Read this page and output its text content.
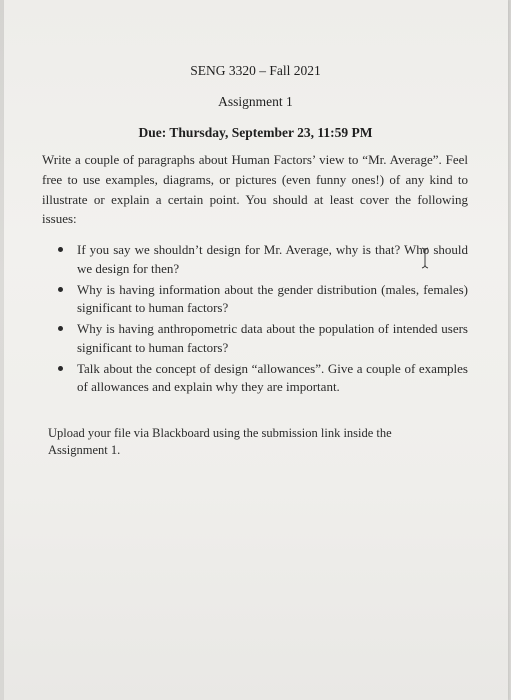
SENG 3320 – Fall 2021
Assignment 1
Due: Thursday, September 23, 11:59 PM
Write a couple of paragraphs about Human Factors’ view to “Mr. Average”. Feel free to use examples, diagrams, or pictures (even funny ones!) of any kind to illustrate or explain a certain point. You should at least cover the following issues:
If you say we shouldn’t design for Mr. Average, why is that? Who should we design for then?
Why is having information about the gender distribution (males, females) significant to human factors?
Why is having anthropometric data about the population of intended users significant to human factors?
Talk about the concept of design “allowances”. Give a couple of examples of allowances and explain why they are important.
Upload your file via Blackboard using the submission link inside the Assignment 1.
